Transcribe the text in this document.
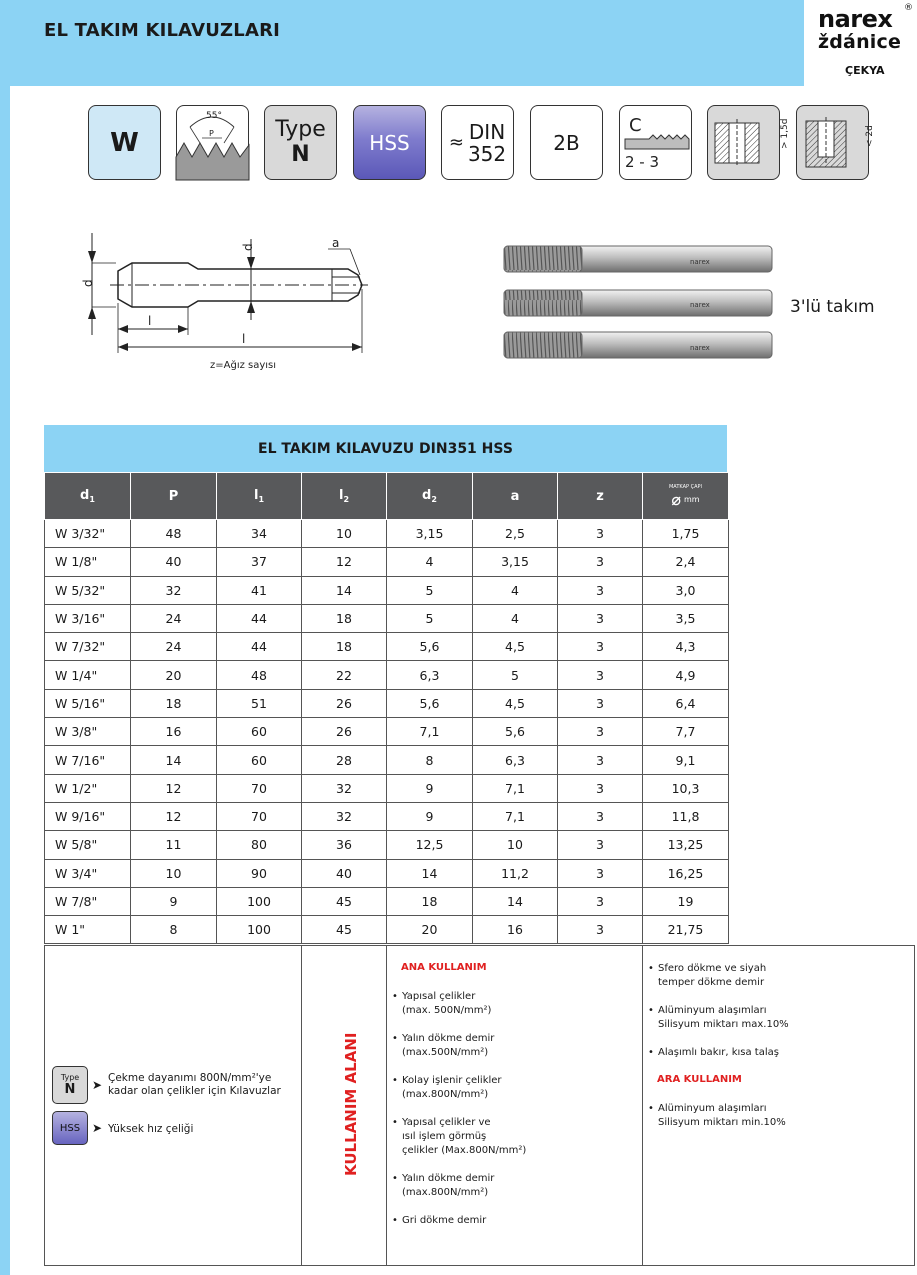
EL TAKIM KILAVUZLARI	narex ®
ždánice
ÇEKYA
W
55°
P	Type
N	HSS ≈ DIN
352 2B
C
2 - 3
> 1,5d	< 2d
d
d	a
l
l
z=Ağız sayısı
narex
narex
narex
3'lü takım
EL TAKIM KILAVUZU DIN351 HSS
$d_1$	P	$l_1$	$l_2$	$d_2$	a	z	MATKAP ÇAPI
⌀ mm

W 3/32"	48	34	10	3,15	2,5	3	1,75
W 1/8"	40	37	12	4	3,15	3	2,4
W 5/32"	32	41	14	5	4	3	3,0
W 3/16"	24	44	18	5	4	3	3,5
W 7/32"	24	44	18	5,6	4,5	3	4,3
W 1/4"	20	48	22	6,3	5	3	4,9
W 5/16"	18	51	26	5,6	4,5	3	6,4
W 3/8"	16	60	26	7,1	5,6	3	7,7
W 7/16"	14	60	28	8	6,3	3	9,1
W 1/2"	12	70	32	9	7,1	3	10,3
W 9/16"	12	70	32	9	7,1	3	11,8
W 5/8"	11	80	36	12,5	10	3	13,25
W 3/4"	10	90	40	14	11,2	3	16,25
W 7/8"	9	100	45	18	14	3	19
W 1"	8	100	45	20	16	3	21,75
Type
N ➤ Çekme dayanımı 800N/mm²'ye
kadar olan çelikler için Kılavuzlar
HSS ➤ Yüksek hız çeliği	KULLANIM ALANI
ANA KULLANIM
• Yapısal çelikler
(max. 500N/mm²)
• Yalın dökme demir
(max.500N/mm²)
• Kolay işlenir çelikler
(max.800N/mm²)
• Yapısal çelikler ve
ısıl işlem görmüş
çelikler (Max.800N/mm²)
• Yalın dökme demir
(max.800N/mm²)
• Gri dökme demir
• Sfero dökme ve siyah
temper dökme demir
• Alüminyum alaşımları
Silisyum miktarı max.10%
• Alaşımlı bakır, kısa talaş
ARA KULLANIM
• Alüminyum alaşımları
Silisyum miktarı min.10%
